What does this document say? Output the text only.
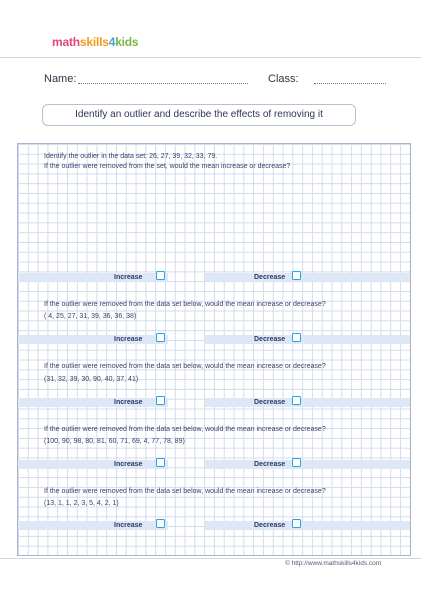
mathskills4kids
Name:	Class:
Identify an outlier and describe the effects of removing it
Identify the outlier in the data set: 26, 27, 39, 32, 33, 79.
If the outlier were removed from the set, would the mean increase or decrease?
Increase	Decrease
If the outlier were removed from the data set below, would the mean increase or decrease?
( 4, 25, 27, 31, 39, 36, 36, 38)
Increase	Decrease
If the outlier were removed from the data set below, would the mean increase or decrease?
(31, 32, 39, 30, 90, 40, 37, 41)
Increase	Decrease
If the outlier were removed from the data set below, would the mean increase or decrease?
(100, 90, 98, 80, 81, 60, 71, 69, 4, 77, 78, 89)
Increase	Decrease
If the outlier were removed from the data set below, would the mean increase or decrease?
(13, 1, 1, 2, 3, 5, 4, 2, 1)
Increase	Decrease
© http://www.mathskills4kids.com
